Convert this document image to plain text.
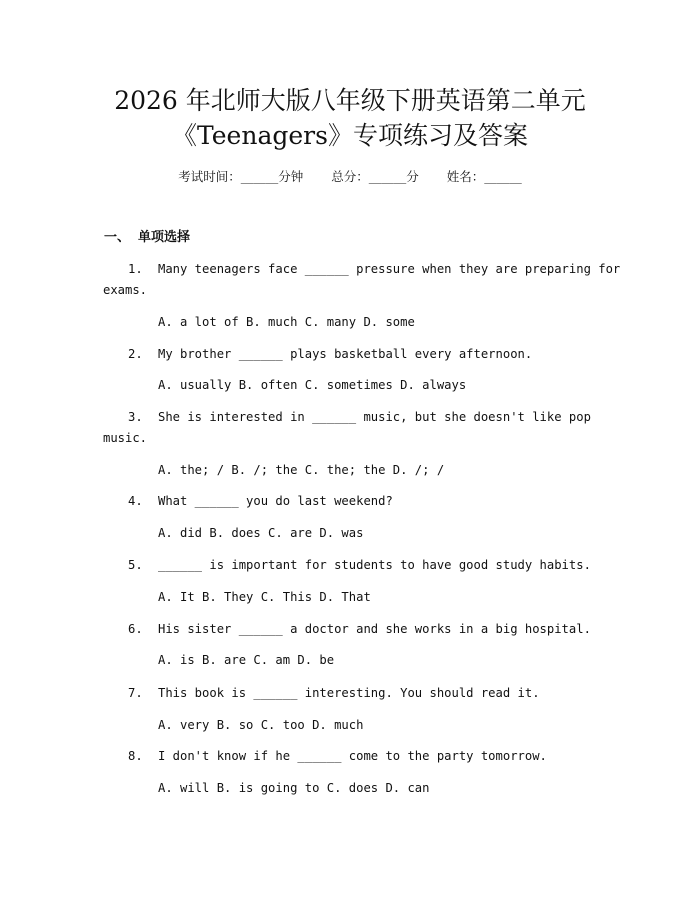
2026 年北师大版八年级下册英语第二单元
《Teenagers》专项练习及答案
考试时间：______分钟 总分：______分 姓名：______
一、 单项选择
1.	Many teenagers face ______ pressure when they are preparing for
exams.
A. a lot of B. much C. many D. some
2.	My brother ______ plays basketball every afternoon.
A. usually B. often C. sometimes D. always
3.	She is interested in ______ music, but she doesn't like pop
music.
A. the; / B. /; the C. the; the D. /; /
4.	What ______ you do last weekend?
A. did B. does C. are D. was
5.	______ is important for students to have good study habits.
A. It B. They C. This D. That
6.	His sister ______ a doctor and she works in a big hospital.
A. is B. are C. am D. be
7.	This book is ______ interesting. You should read it.
A. very B. so C. too D. much
8.	I don't know if he ______ come to the party tomorrow.
A. will B. is going to C. does D. can
